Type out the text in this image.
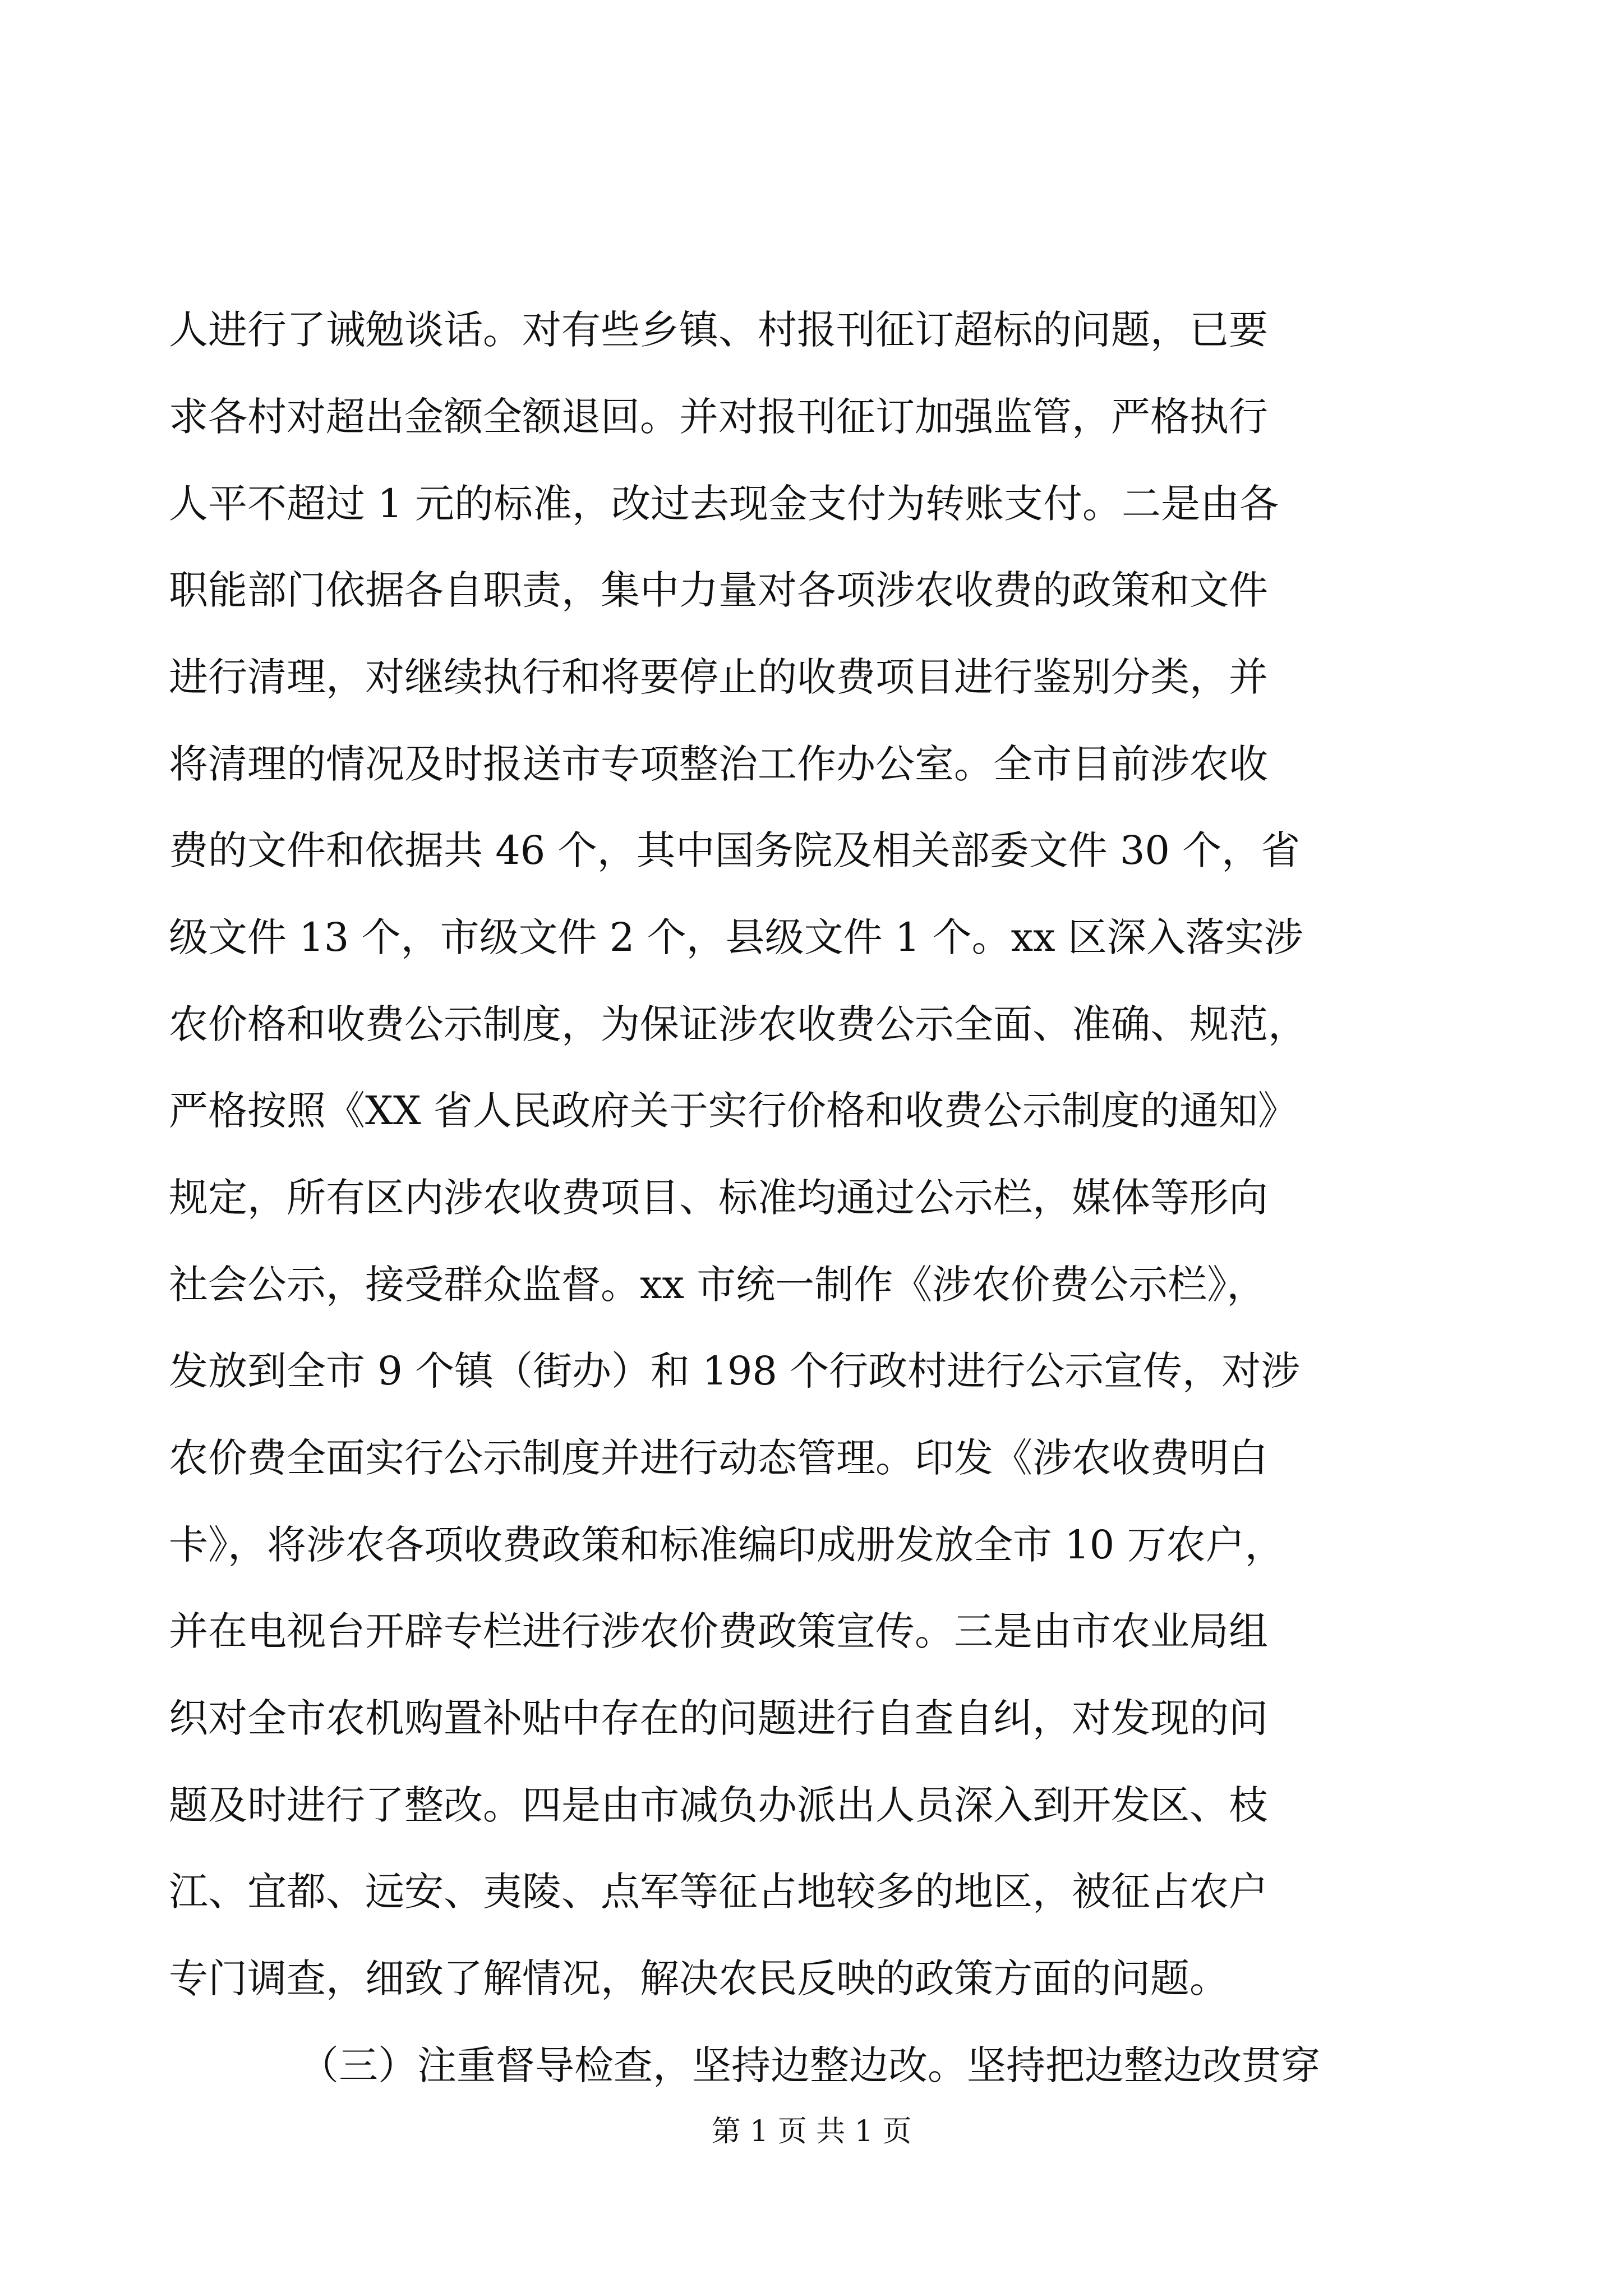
人进行了诫勉谈话。对有些乡镇、村报刊征订超标的问题，已要

求各村对超出金额全额退回。并对报刊征订加强监管，严格执行

人平不超过 1 元的标准，改过去现金支付为转账支付。二是由各

职能部门依据各自职责，集中力量对各项涉农收费的政策和文件

进行清理，对继续执行和将要停止的收费项目进行鉴别分类，并

将清理的情况及时报送市专项整治工作办公室。全市目前涉农收

费的文件和依据共 46 个，其中国务院及相关部委文件 30 个，省

级文件 13 个，市级文件 2 个，县级文件 1 个。xx 区深入落实涉

农价格和收费公示制度，为保证涉农收费公示全面、准确、规范，

严格按照《XX 省人民政府关于实行价格和收费公示制度的通知》

规定，所有区内涉农收费项目、标准均通过公示栏，媒体等形向

社会公示，接受群众监督。xx 市统一制作《涉农价费公示栏》，

发放到全市 9 个镇（街办）和 198 个行政村进行公示宣传，对涉

农价费全面实行公示制度并进行动态管理。印发《涉农收费明白

卡》，将涉农各项收费政策和标准编印成册发放全市 10 万农户，

并在电视台开辟专栏进行涉农价费政策宣传。三是由市农业局组

织对全市农机购置补贴中存在的问题进行自查自纠，对发现的问

题及时进行了整改。四是由市减负办派出人员深入到开发区、枝

江、宜都、远安、夷陵、点军等征占地较多的地区，被征占农户

专门调查，细致了解情况，解决农民反映的政策方面的问题。

（三）注重督导检查，坚持边整边改。坚持把边整边改贯穿

第 1 页 共 1 页
